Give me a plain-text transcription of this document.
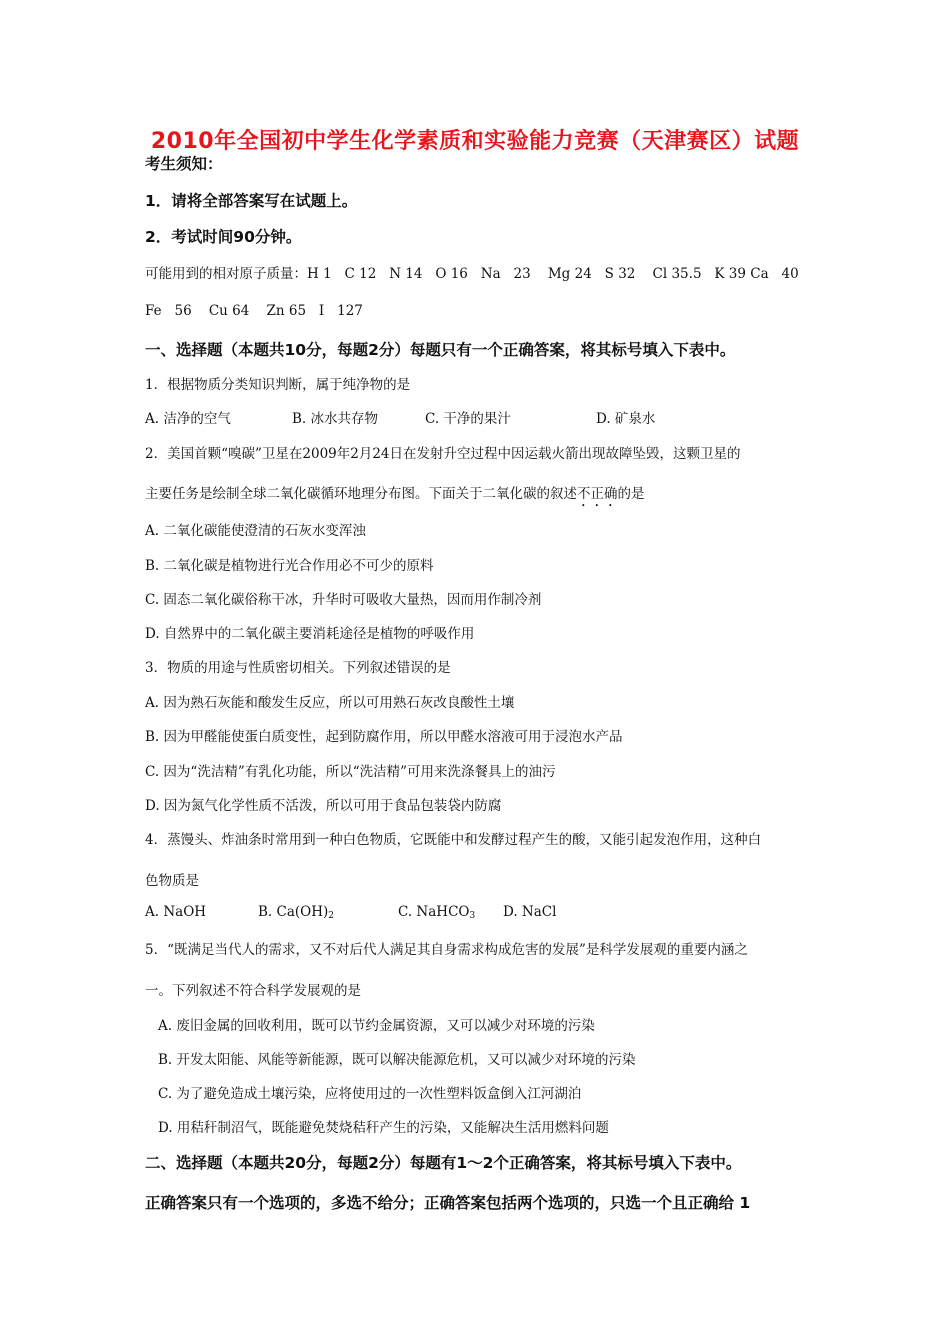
2010年全国初中学生化学素质和实验能力竞赛（天津赛区）试题
考生须知：
1．请将全部答案写在试题上。
2．考试时间90分钟。
可能用到的相对原子质量：H 1   C 12   N 14   O 16   Na   23    Mg 24   S 32    Cl 35.5   K 39 Ca   40
Fe   56    Cu 64    Zn 65   I   127
一、选择题（本题共10分，每题2分）每题只有一个正确答案，将其标号填入下表中。
1．根据物质分类知识判断，属于纯净物的是
A. 洁净的空气	B. 冰水共存物	C. 干净的果汁	D. 矿泉水
2．美国首颗“嗅碳”卫星在2009年2月24日在发射升空过程中因运载火箭出现故障坠毁，这颗卫星的
主要任务是绘制全球二氧化碳循环地理分布图。下面关于二氧化碳的叙述不正确的是
A. 二氧化碳能使澄清的石灰水变浑浊
B. 二氧化碳是植物进行光合作用必不可少的原料
C. 固态二氧化碳俗称干冰，升华时可吸收大量热，因而用作制冷剂
D. 自然界中的二氧化碳主要消耗途径是植物的呼吸作用
3．物质的用途与性质密切相关。下列叙述错误的是
A. 因为熟石灰能和酸发生反应，所以可用熟石灰改良酸性土壤
B. 因为甲醛能使蛋白质变性，起到防腐作用，所以甲醛水溶液可用于浸泡水产品
C. 因为“洗洁精”有乳化功能，所以“洗洁精”可用来洗涤餐具上的油污
D. 因为氮气化学性质不活泼，所以可用于食品包装袋内防腐
4．蒸馒头、炸油条时常用到一种白色物质，它既能中和发酵过程产生的酸，又能引起发泡作用，这种白
色物质是
A. NaOH	B. $Ca(OH)_2$	C. NaHCO$_3$ D. NaCl
5．“既满足当代人的需求，又不对后代人满足其自身需求构成危害的发展”是科学发展观的重要内涵之
一。下列叙述不符合科学发展观的是
A. 废旧金属的回收利用，既可以节约金属资源，又可以减少对环境的污染
B. 开发太阳能、风能等新能源，既可以解决能源危机，又可以减少对环境的污染
C. 为了避免造成土壤污染，应将使用过的一次性塑料饭盒倒入江河湖泊
D. 用秸秆制沼气，既能避免焚烧秸秆产生的污染，又能解决生活用燃料问题
二、选择题（本题共20分，每题2分）每题有1～2个正确答案，将其标号填入下表中。
正确答案只有一个选项的，多选不给分；正确答案包括两个选项的，只选一个且正确给 1
